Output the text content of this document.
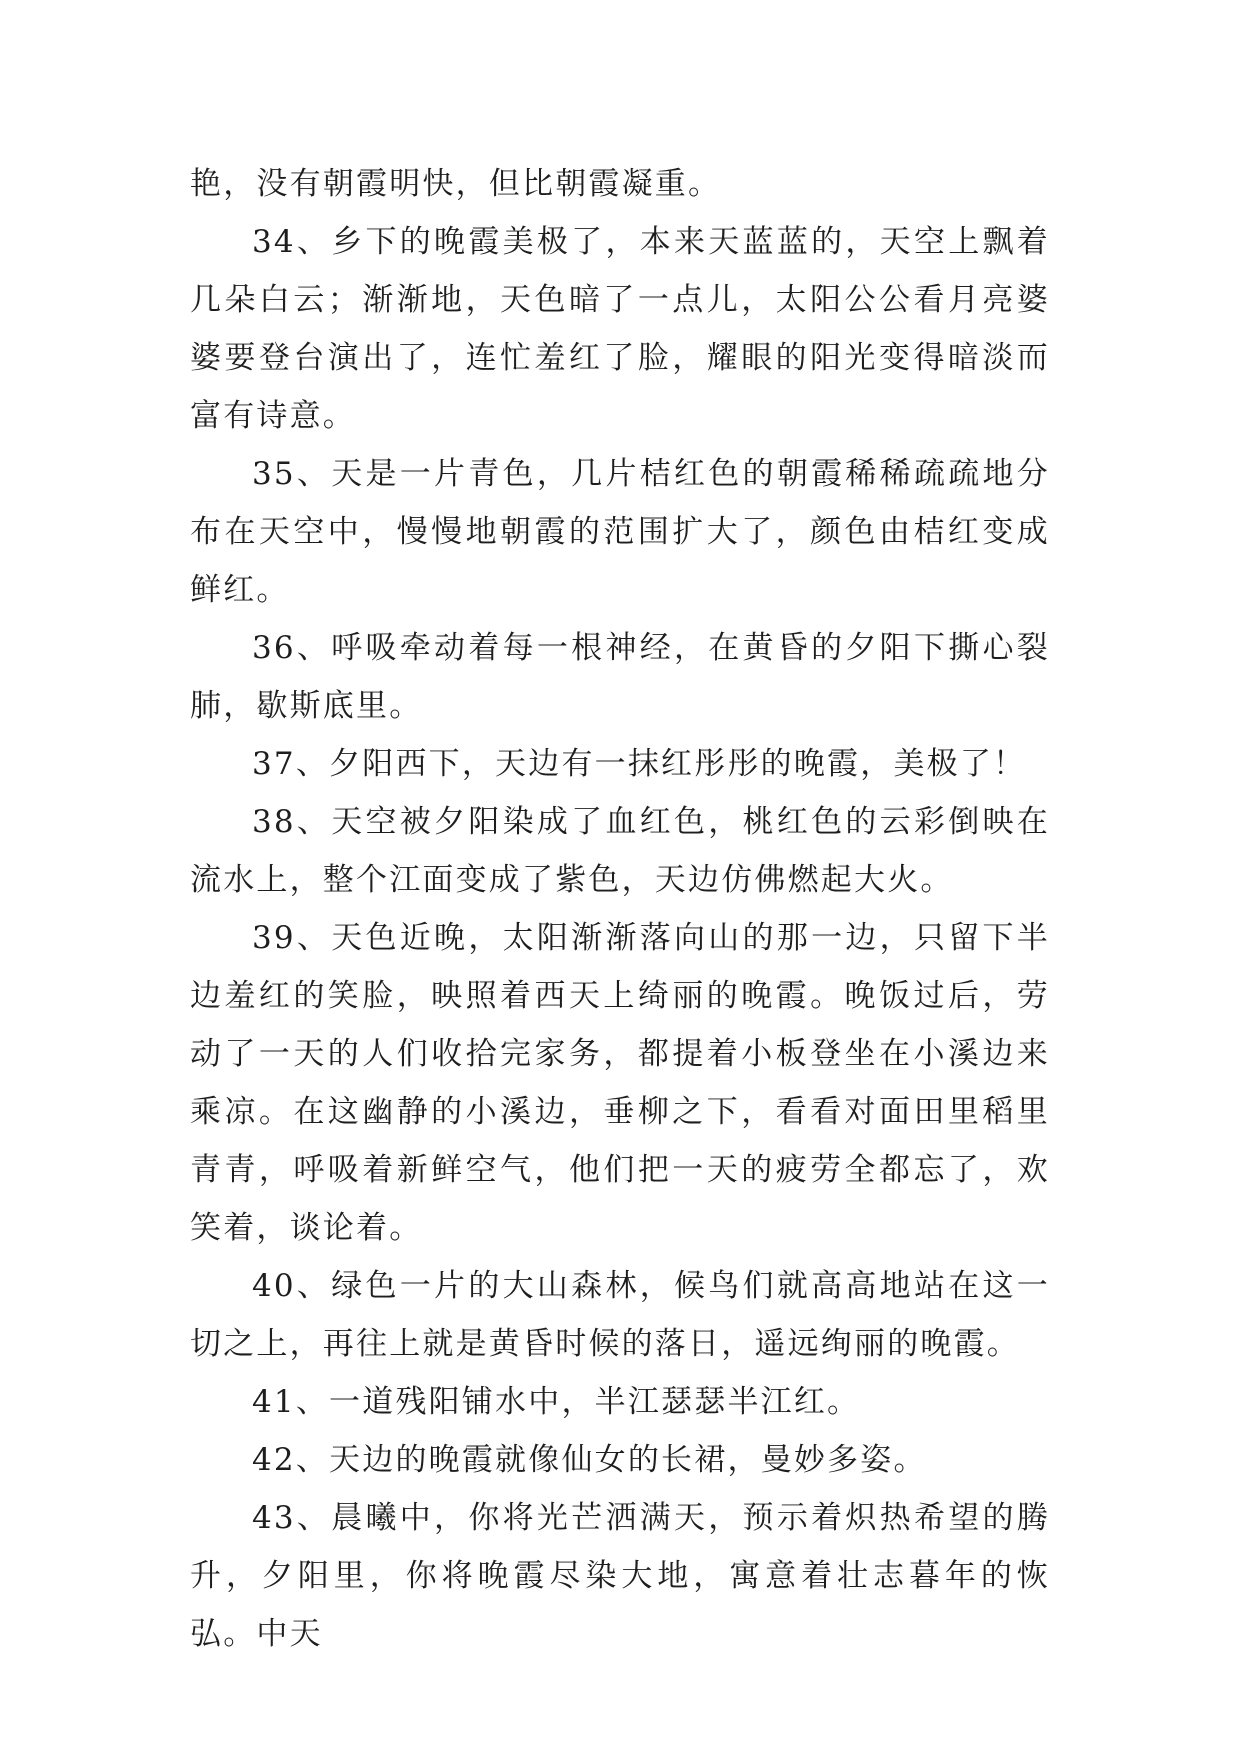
艳，没有朝霞明快，但比朝霞凝重。

34、乡下的晚霞美极了，本来天蓝蓝的，天空上飘着几朵白云；渐渐地，天色暗了一点儿，太阳公公看月亮婆婆要登台演出了，连忙羞红了脸，耀眼的阳光变得暗淡而富有诗意。

35、天是一片青色，几片桔红色的朝霞稀稀疏疏地分布在天空中，慢慢地朝霞的范围扩大了，颜色由桔红变成鲜红。

36、呼吸牵动着每一根神经，在黄昏的夕阳下撕心裂肺，歇斯底里。

37、夕阳西下，天边有一抹红彤彤的晚霞，美极了！

38、天空被夕阳染成了血红色，桃红色的云彩倒映在流水上，整个江面变成了紫色，天边仿佛燃起大火。

39、天色近晚，太阳渐渐落向山的那一边，只留下半边羞红的笑脸，映照着西天上绮丽的晚霞。晚饭过后，劳动了一天的人们收拾完家务，都提着小板登坐在小溪边来乘凉。在这幽静的小溪边，垂柳之下，看看对面田里稻里青青，呼吸着新鲜空气，他们把一天的疲劳全都忘了，欢笑着，谈论着。

40、绿色一片的大山森林，候鸟们就高高地站在这一切之上，再往上就是黄昏时候的落日，遥远绚丽的晚霞。

41、一道残阳铺水中，半江瑟瑟半江红。

42、天边的晚霞就像仙女的长裙，曼妙多姿。

43、晨曦中，你将光芒洒满天，预示着炽热希望的腾升，夕阳里，你将晚霞尽染大地，寓意着壮志暮年的恢弘。中天
